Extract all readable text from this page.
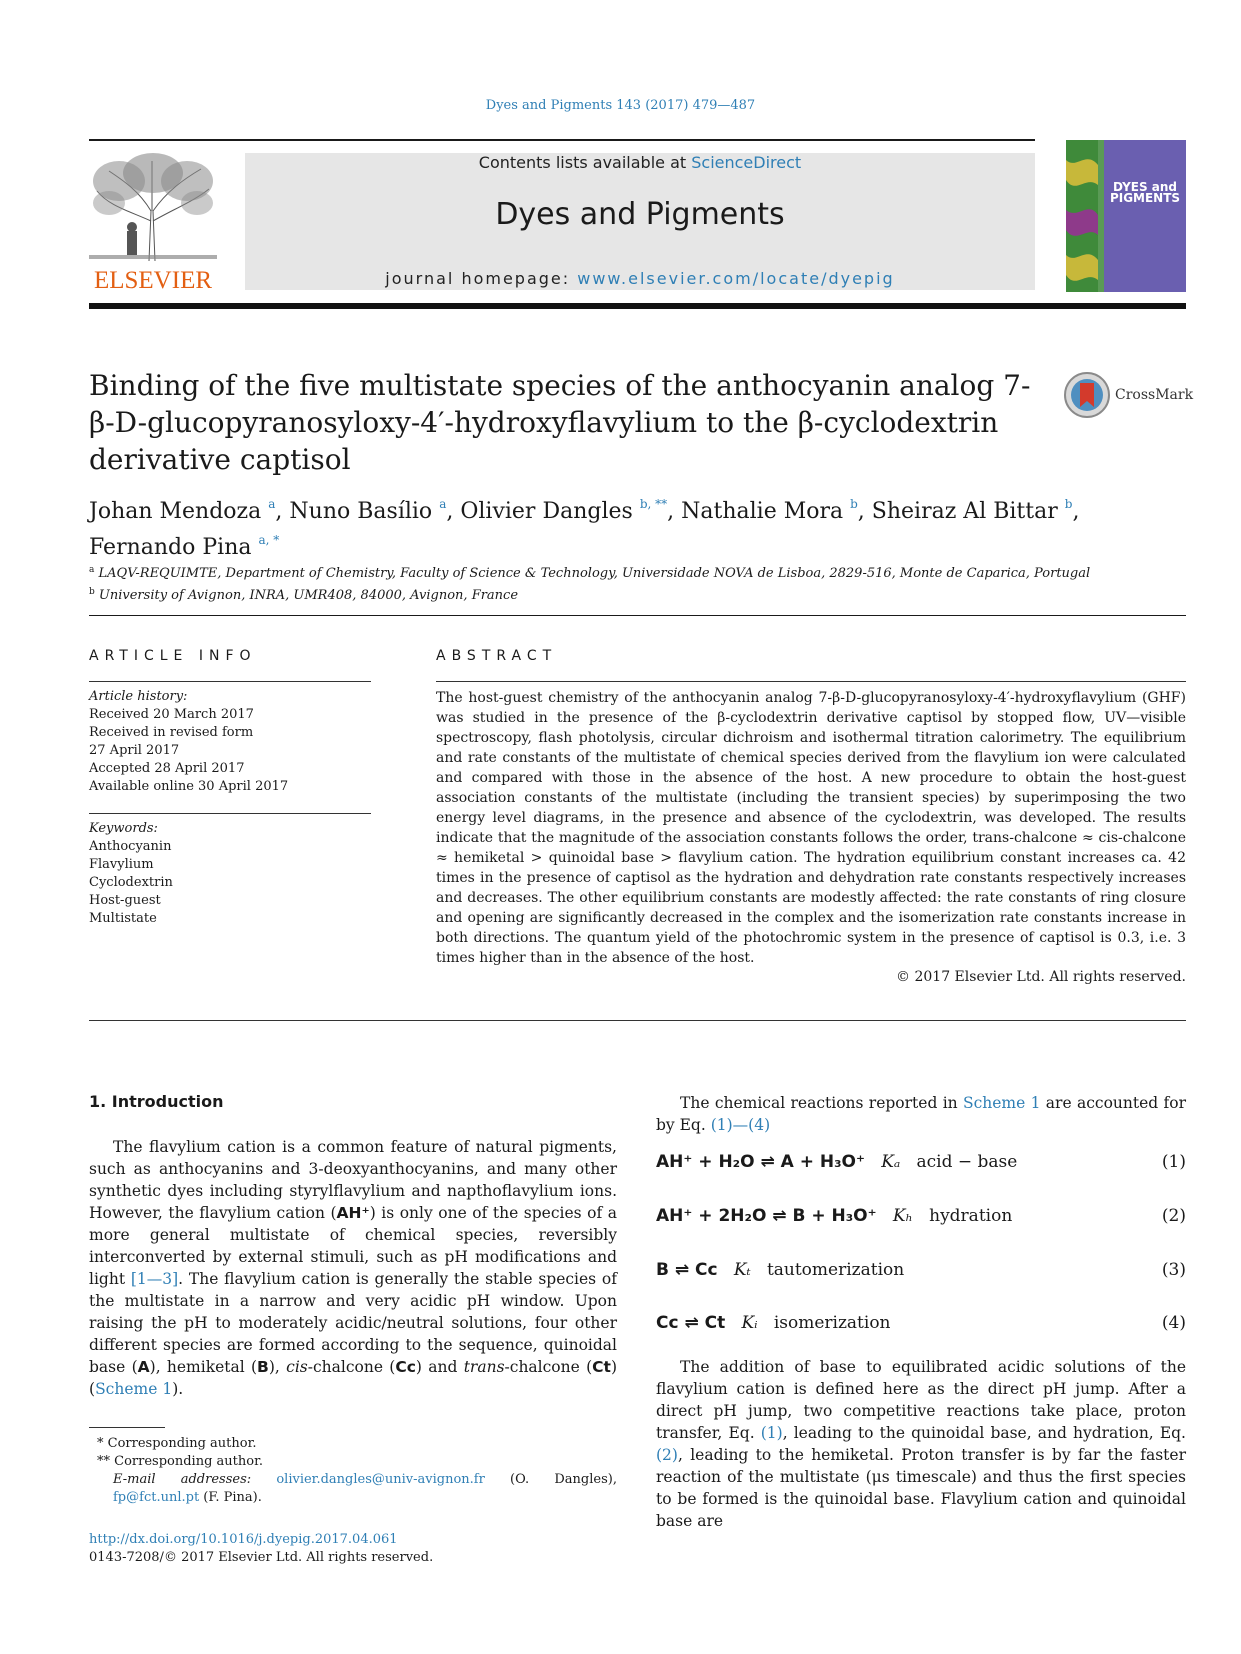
Dyes and Pigments 143 (2017) 479—487
ELSEVIER
Contents lists available at ScienceDirect
Dyes and Pigments
journal homepage: www.elsevier.com/locate/dyepig
DYES and PIGMENTS
Binding of the five multistate species of the anthocyanin analog 7-β-D-glucopyranosyloxy-4′-hydroxyflavylium to the β-cyclodextrin derivative captisol
CrossMark
Johan Mendoza $^a$, Nuno Basílio $^a$, Olivier Dangles $^{b, **}$, Nathalie Mora $^b$, Sheiraz Al Bittar $^b$,
Fernando Pina $^{a, *}$
$^a$ LAQV-REQUIMTE, Department of Chemistry, Faculty of Science & Technology, Universidade NOVA de Lisboa, 2829-516, Monte de Caparica, Portugal
$^b$ University of Avignon, INRA, UMR408, 84000, Avignon, France
ARTICLE INFO
Article history:
Received 20 March 2017
Received in revised form
27 April 2017
Accepted 28 April 2017
Available online 30 April 2017
Keywords:
Anthocyanin
Flavylium
Cyclodextrin
Host-guest
Multistate
ABSTRACT
The host-guest chemistry of the anthocyanin analog 7-β-D-glucopyranosyloxy-4′-hydroxyflavylium (GHF) was studied in the presence of the β-cyclodextrin derivative captisol by stopped flow, UV—visible spectroscopy, flash photolysis, circular dichroism and isothermal titration calorimetry. The equilibrium and rate constants of the multistate of chemical species derived from the flavylium ion were calculated and compared with those in the absence of the host. A new procedure to obtain the host-guest association constants of the multistate (including the transient species) by superimposing the two energy level diagrams, in the presence and absence of the cyclodextrin, was developed. The results indicate that the magnitude of the association constants follows the order, trans-chalcone ≈ cis-chalcone ≈ hemiketal > quinoidal base > flavylium cation. The hydration equilibrium constant increases ca. 42 times in the presence of captisol as the hydration and dehydration rate constants respectively increases and decreases. The other equilibrium constants are modestly affected: the rate constants of ring closure and opening are significantly decreased in the complex and the isomerization rate constants increase in both directions. The quantum yield of the photochromic system in the presence of captisol is 0.3, i.e. 3 times higher than in the absence of the host.
© 2017 Elsevier Ltd. All rights reserved.
1. Introduction

The flavylium cation is a common feature of natural pigments, such as anthocyanins and 3-deoxyanthocyanins, and many other synthetic dyes including styrylflavylium and napthoflavylium ions. However, the flavylium cation (AH⁺) is only one of the species of a more general multistate of chemical species, reversibly interconverted by external stimuli, such as pH modifications and light [1—3]. The flavylium cation is generally the stable species of the multistate in a narrow and very acidic pH window. Upon raising the pH to moderately acidic/neutral solutions, four other different species are formed according to the sequence, quinoidal base (A), hemiketal (B), cis-chalcone (Cc) and trans-chalcone (Ct) (Scheme 1).

The chemical reactions reported in Scheme 1 are accounted for by Eq. (1)—(4)
AH⁺ + H₂O ⇌ A + H₃O⁺ Kₐ acid − base	(1)
AH⁺ + 2H₂O ⇌ B + H₃O⁺ Kₕ hydration	(2)
B ⇌ Cc Kₜ tautomerization	(3)
Cc ⇌ Ct Kᵢ isomerization	(4)

The addition of base to equilibrated acidic solutions of the flavylium cation is defined here as the direct pH jump. After a direct pH jump, two competitive reactions take place, proton transfer, Eq. (1), leading to the quinoidal base, and hydration, Eq. (2), leading to the hemiketal. Proton transfer is by far the faster reaction of the multistate (μs timescale) and thus the first species to be formed is the quinoidal base. Flavylium cation and quinoidal base are

* Corresponding author.
** Corresponding author.
E-mail addresses: olivier.dangles@univ-avignon.fr (O. Dangles), fp@fct.unl.pt (F. Pina).
http://dx.doi.org/10.1016/j.dyepig.2017.04.061
0143-7208/© 2017 Elsevier Ltd. All rights reserved.
